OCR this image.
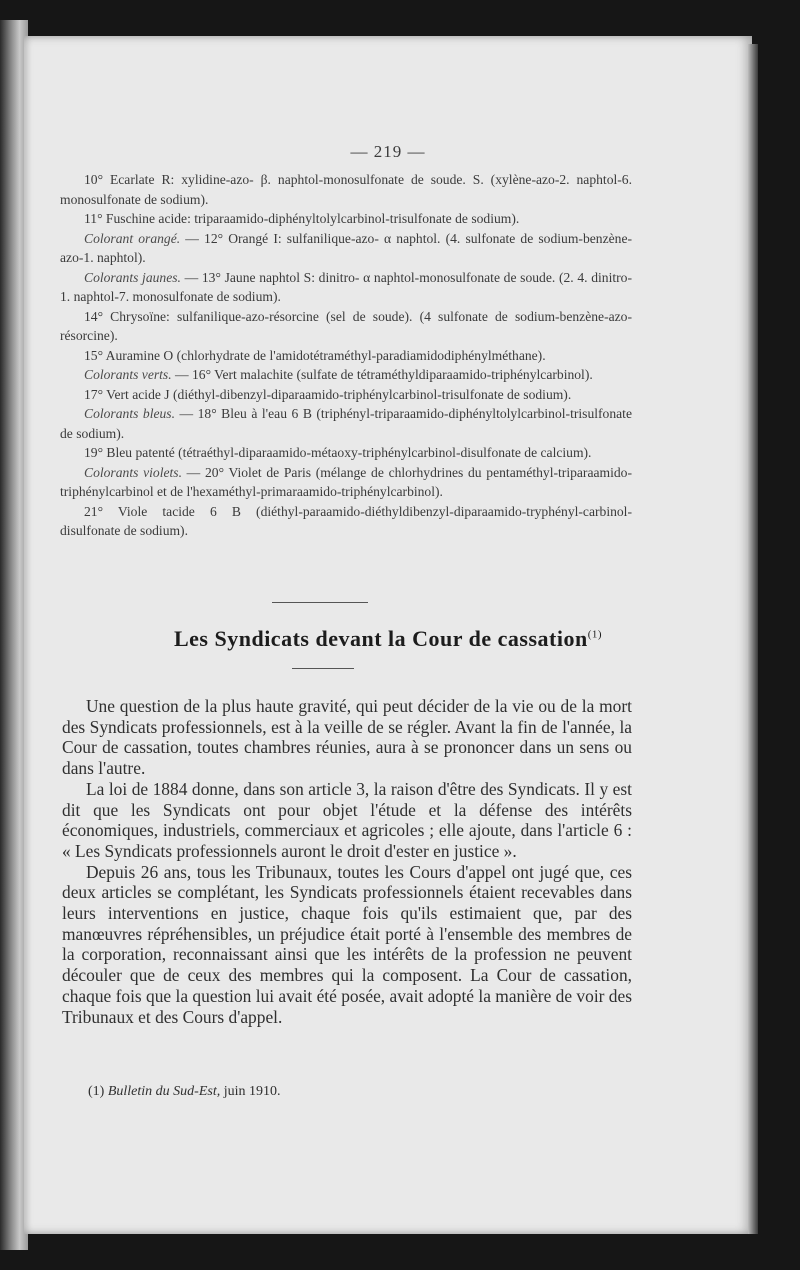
— 219 —

10° Ecarlate R: xylidine-azo- β. naphtol-monosulfonate de soude. S. (xylène-azo-2. naphtol-6. monosulfonate de sodium).

11° Fuschine acide: triparaamido-diphényltolylcarbinol-trisulfonate de sodium).

Colorant orangé. — 12° Orangé I: sulfanilique-azo- α naphtol. (4. sulfonate de sodium-benzène-azo-1. naphtol).

Colorants jaunes. — 13° Jaune naphtol S: dinitro- α naphtol-monosulfonate de soude. (2. 4. dinitro-1. naphtol-7. monosulfonate de sodium).

14° Chrysoïne: sulfanilique-azo-résorcine (sel de soude). (4 sulfonate de sodium-benzène-azo-résorcine).

15° Auramine O (chlorhydrate de l'amidotétraméthyl-paradiamidodiphénylméthane).

Colorants verts. — 16° Vert malachite (sulfate de tétraméthyldiparaamido-triphénylcarbinol).

17° Vert acide J (diéthyl-dibenzyl-diparaamido-triphénylcarbinol-trisulfonate de sodium).

Colorants bleus. — 18° Bleu à l'eau 6 B (triphényl-triparaamido-diphényltolylcarbinol-trisulfonate de sodium).

19° Bleu patenté (tétraéthyl-diparaamido-métaoxy-triphénylcarbinol-disulfonate de calcium).

Colorants violets. — 20° Violet de Paris (mélange de chlorhydrines du pentaméthyl-triparaamido-triphénylcarbinol et de l'hexaméthyl-primaraamido-triphénylcarbinol).

21° Viole tacide 6 B (diéthyl-paraamido-diéthyldibenzyl-diparaamido-tryphényl-carbinol-disulfonate de sodium).

Les Syndicats devant la Cour de cassation$^{(1)}$

Une question de la plus haute gravité, qui peut décider de la vie ou de la mort des Syndicats professionnels, est à la veille de se régler. Avant la fin de l'année, la Cour de cassation, toutes chambres réunies, aura à se prononcer dans un sens ou dans l'autre.

La loi de 1884 donne, dans son article 3, la raison d'être des Syndicats. Il y est dit que les Syndicats ont pour objet l'étude et la défense des intérêts économiques, industriels, commerciaux et agricoles ; elle ajoute, dans l'article 6 : « Les Syndicats professionnels auront le droit d'ester en justice ».

Depuis 26 ans, tous les Tribunaux, toutes les Cours d'appel ont jugé que, ces deux articles se complétant, les Syndicats professionnels étaient recevables dans leurs interventions en justice, chaque fois qu'ils estimaient que, par des manœuvres répréhensibles, un préjudice était porté à l'ensemble des membres de la corporation, reconnaissant ainsi que les intérêts de la profession ne peuvent découler que de ceux des membres qui la composent. La Cour de cassation, chaque fois que la question lui avait été posée, avait adopté la manière de voir des Tribunaux et des Cours d'appel.

(1) Bulletin du Sud-Est, juin 1910.
